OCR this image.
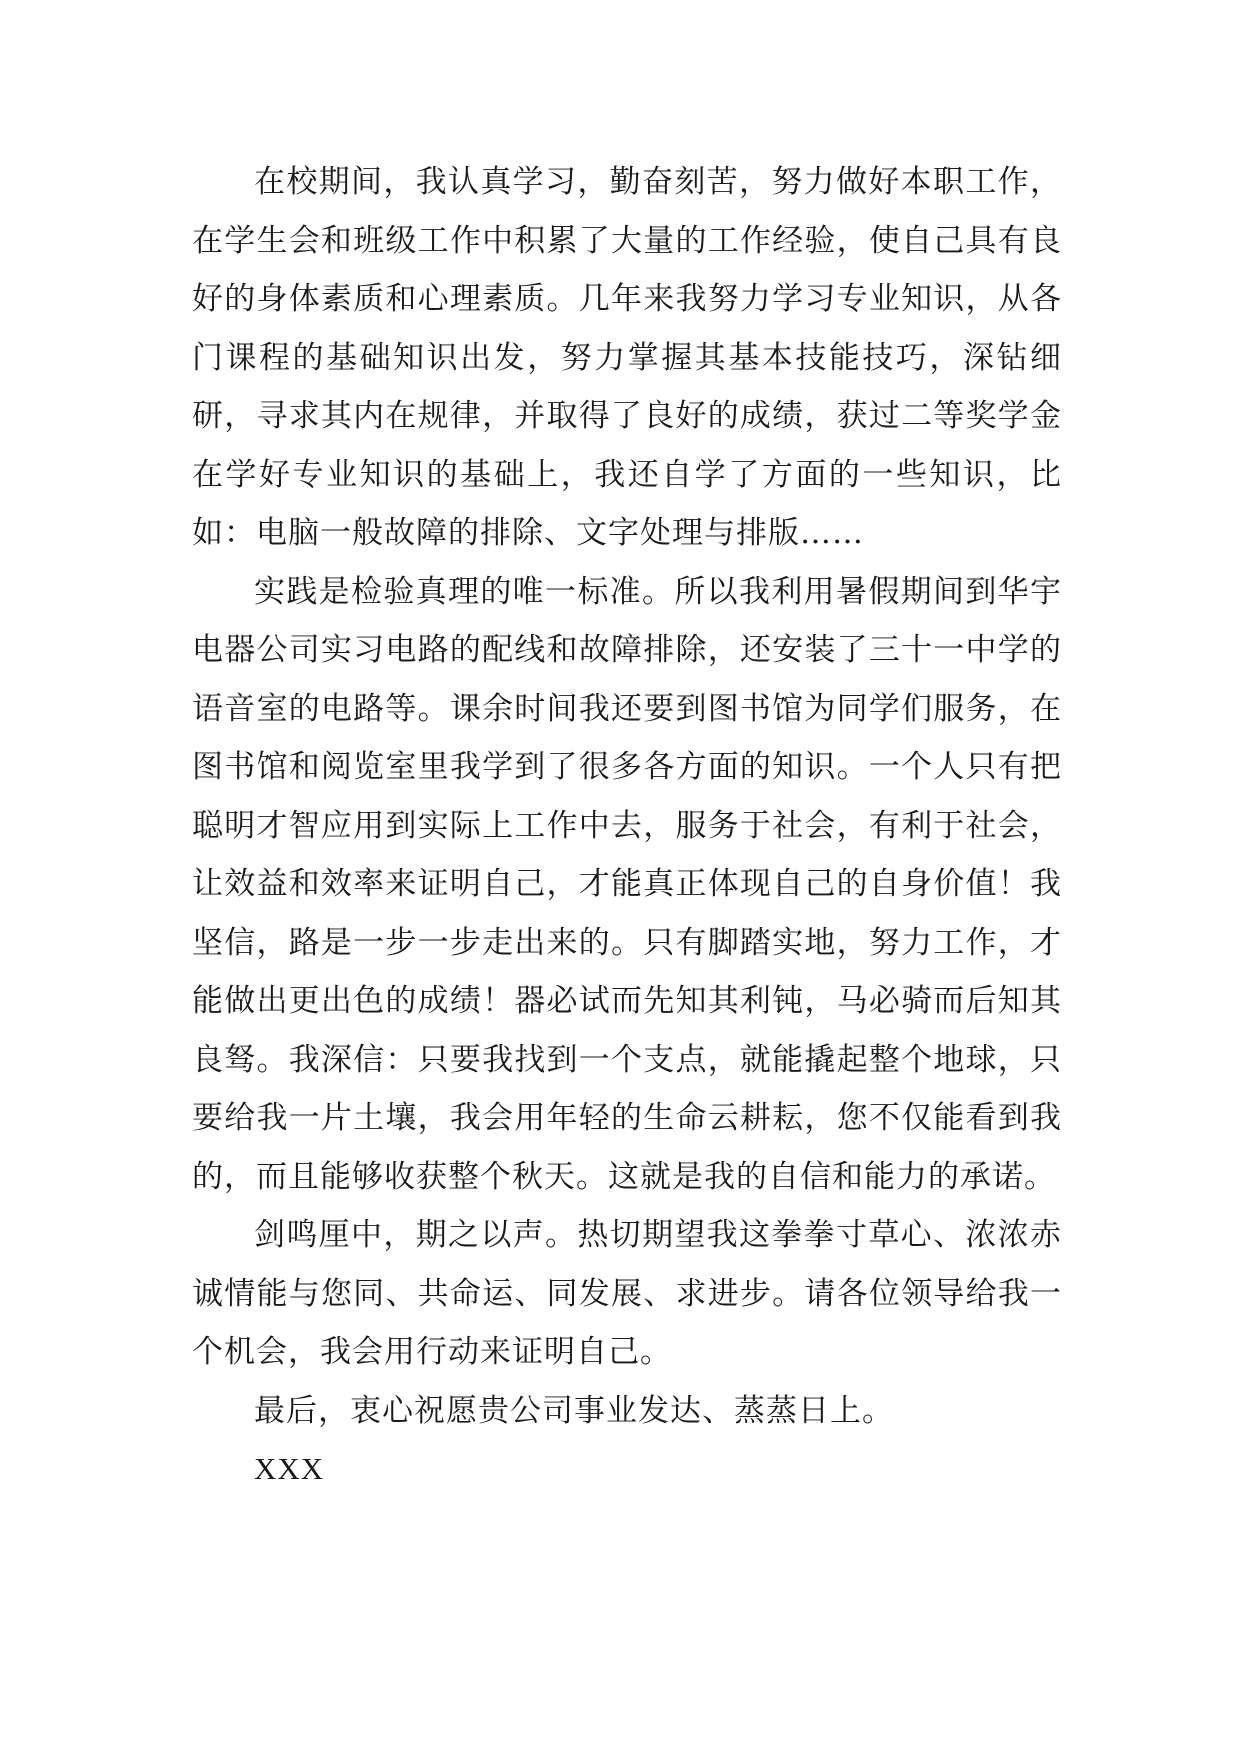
在校期间，我认真学习，勤奋刻苦，努力做好本职工作，在学生会和班级工作中积累了大量的工作经验，使自己具有良好的身体素质和心理素质。几年来我努力学习专业知识，从各门课程的基础知识出发，努力掌握其基本技能技巧，深钻细研，寻求其内在规律，并取得了良好的成绩，获过二等奖学金在学好专业知识的基础上，我还自学了方面的一些知识，比如：电脑一般故障的排除、文字处理与排版……

实践是检验真理的唯一标准。所以我利用暑假期间到华宇电器公司实习电路的配线和故障排除，还安装了三十一中学的语音室的电路等。课余时间我还要到图书馆为同学们服务，在图书馆和阅览室里我学到了很多各方面的知识。一个人只有把聪明才智应用到实际上工作中去，服务于社会，有利于社会，让效益和效率来证明自己，才能真正体现自己的自身价值！我坚信，路是一步一步走出来的。只有脚踏实地，努力工作，才能做出更出色的成绩！器必试而先知其利钝，马必骑而后知其良驽。我深信：只要我找到一个支点，就能撬起整个地球，只要给我一片土壤，我会用年轻的生命云耕耘，您不仅能看到我的，而且能够收获整个秋天。这就是我的自信和能力的承诺。

剑鸣厘中，期之以声。热切期望我这拳拳寸草心、浓浓赤诚情能与您同、共命运、同发展、求进步。请各位领导给我一个机会，我会用行动来证明自己。

最后，衷心祝愿贵公司事业发达、蒸蒸日上。

XXX
